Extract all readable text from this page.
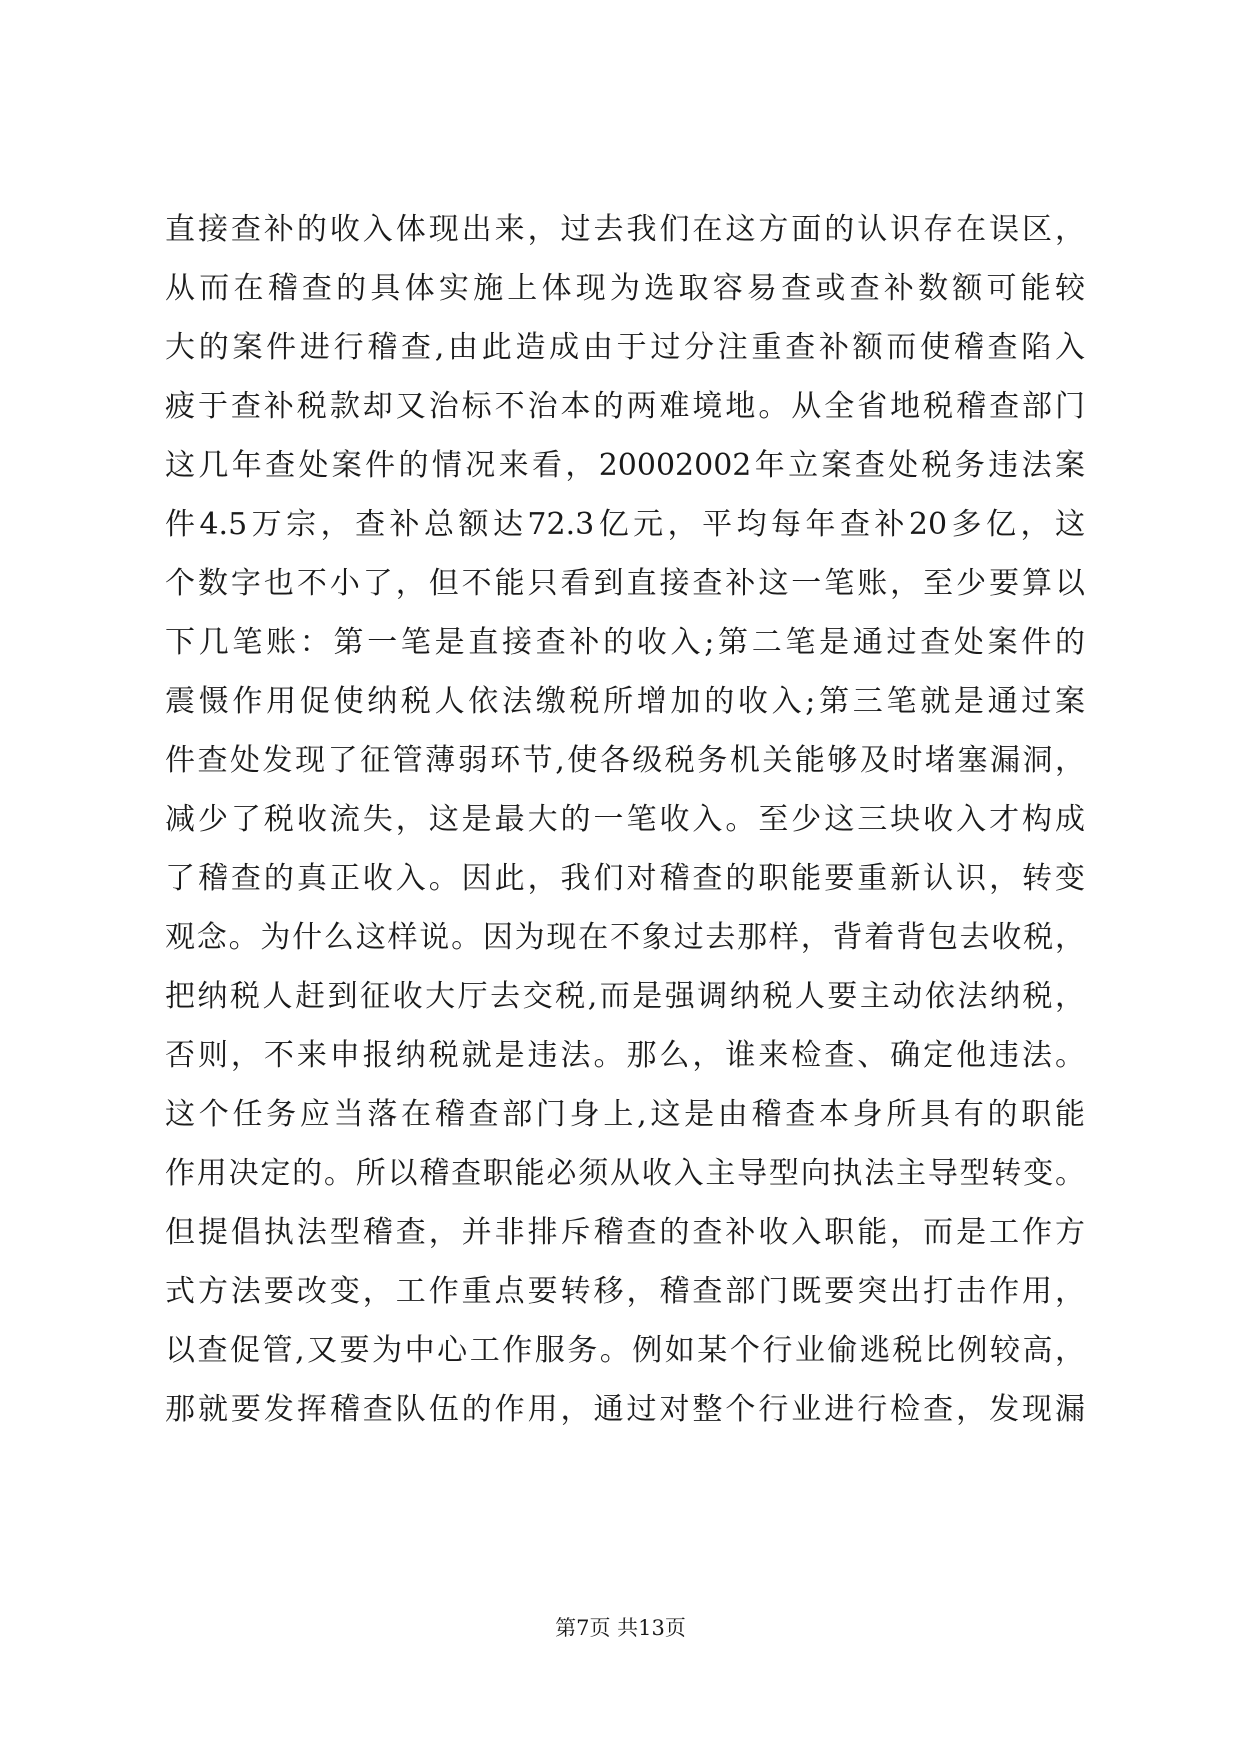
直接查补的收入体现出来，过去我们在这方面的认识存在误区，
从而在稽查的具体实施上体现为选取容易查或查补数额可能较
大的案件进行稽查,由此造成由于过分注重查补额而使稽查陷入
疲于查补税款却又治标不治本的两难境地。从全省地税稽查部门
这几年查处案件的情况来看，20002002年立案查处税务违法案
件4.5万宗，查补总额达72.3亿元，平均每年查补20多亿，这
个数字也不小了，但不能只看到直接查补这一笔账，至少要算以
下几笔账：第一笔是直接查补的收入;第二笔是通过查处案件的
震慑作用促使纳税人依法缴税所增加的收入;第三笔就是通过案
件查处发现了征管薄弱环节,使各级税务机关能够及时堵塞漏洞，
减少了税收流失，这是最大的一笔收入。至少这三块收入才构成
了稽查的真正收入。因此，我们对稽查的职能要重新认识，转变
观念。为什么这样说。因为现在不象过去那样，背着背包去收税，
把纳税人赶到征收大厅去交税,而是强调纳税人要主动依法纳税，
否则，不来申报纳税就是违法。那么，谁来检查、确定他违法。
这个任务应当落在稽查部门身上,这是由稽查本身所具有的职能
作用决定的。所以稽查职能必须从收入主导型向执法主导型转变。
但提倡执法型稽查，并非排斥稽查的查补收入职能，而是工作方
式方法要改变，工作重点要转移，稽查部门既要突出打击作用，
以查促管,又要为中心工作服务。例如某个行业偷逃税比例较高，
那就要发挥稽查队伍的作用，通过对整个行业进行检查，发现漏
第7页 共13页
